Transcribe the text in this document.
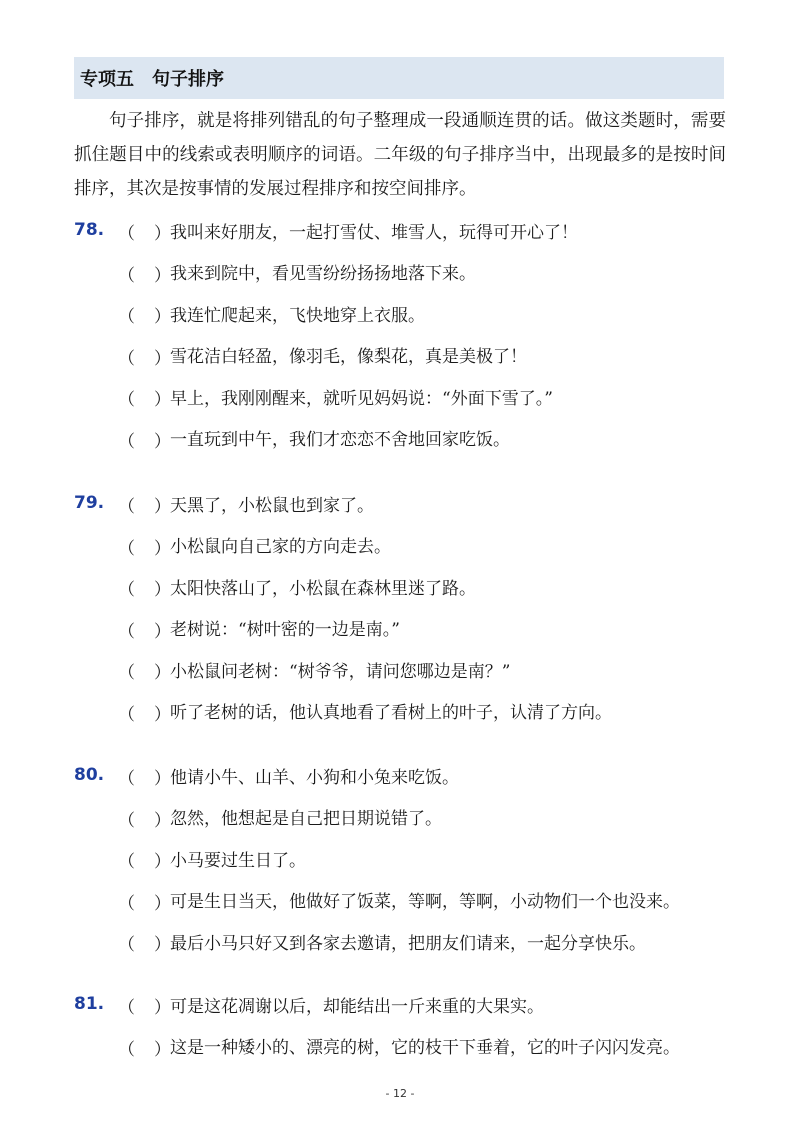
专项五　句子排序

句子排序，就是将排列错乱的句子整理成一段通顺连贯的话。做这类题时，需要抓住题目中的线索或表明顺序的词语。二年级的句子排序当中，出现最多的是按时间排序，其次是按事情的发展过程排序和按空间排序。

78. （ ） 我叫来好朋友，一起打雪仗、堆雪人，玩得可开心了！
（ ） 我来到院中，看见雪纷纷扬扬地落下来。
（ ） 我连忙爬起来，飞快地穿上衣服。
（ ） 雪花洁白轻盈，像羽毛，像梨花，真是美极了！
（ ） 早上，我刚刚醒来，就听见妈妈说：“外面下雪了。”
（ ） 一直玩到中午，我们才恋恋不舍地回家吃饭。
79. （ ） 天黑了，小松鼠也到家了。
（ ） 小松鼠向自己家的方向走去。
（ ） 太阳快落山了，小松鼠在森林里迷了路。
（ ） 老树说：“树叶密的一边是南。”
（ ） 小松鼠问老树：“树爷爷，请问您哪边是南？”
（ ） 听了老树的话，他认真地看了看树上的叶子，认清了方向。
80. （ ） 他请小牛、山羊、小狗和小兔来吃饭。
（ ） 忽然，他想起是自己把日期说错了。
（ ） 小马要过生日了。
（ ） 可是生日当天，他做好了饭菜，等啊，等啊，小动物们一个也没来。
（ ） 最后小马只好又到各家去邀请，把朋友们请来，一起分享快乐。
81. （ ） 可是这花凋谢以后，却能结出一斤来重的大果实。
（ ） 这是一种矮小的、漂亮的树，它的枝干下垂着，它的叶子闪闪发亮。
- 12 -
